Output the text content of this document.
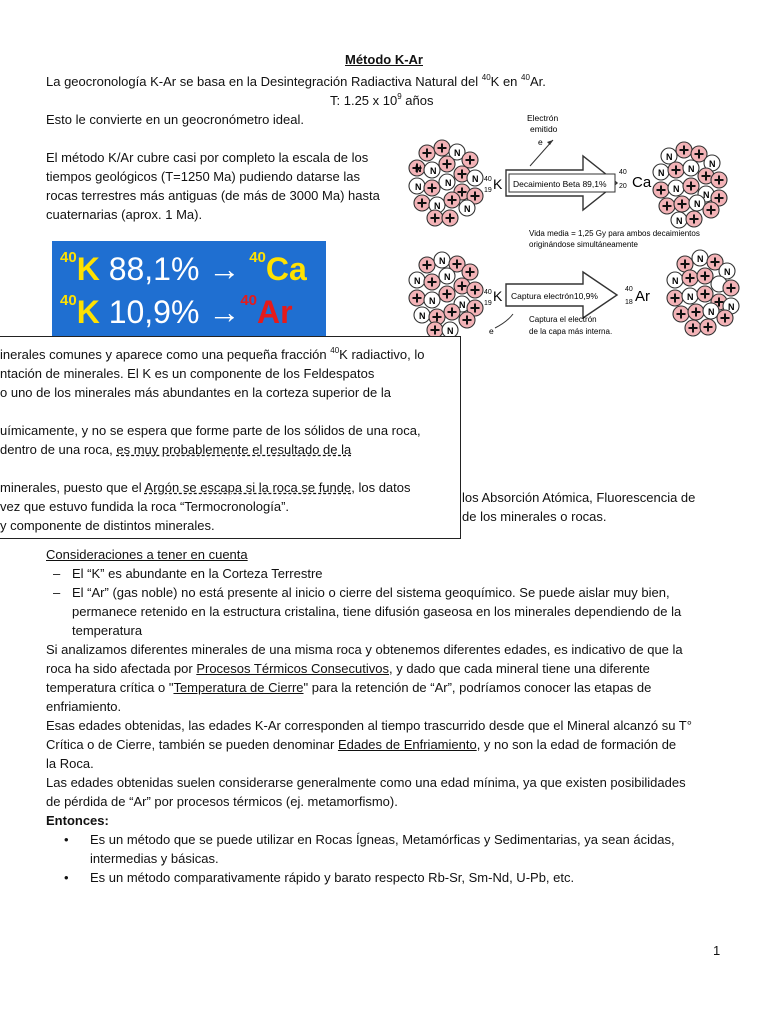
Método K-Ar
La geocronología K-Ar se basa en la Desintegración Radiactiva Natural del $^{40}$K en $^{40}$Ar.
T: 1.25 x $10^9$ años
Esto le convierte en un geocronómetro ideal.
El método K/Ar cubre casi por completo la escala de los
tiempos geológicos (T=1250 Ma) pudiendo datarse las
rocas terrestres más antiguas (de más de 3000 Ma) hasta
cuaternarias (aprox. 1 Ma).
$^{40}$K 88,1% → $^{40}$Ca
$^{40}$K 10,9% →$^{40}$Ar
los Absorción Atómica, Fluorescencia de
de los minerales o rocas.
N N
N
N
N
N
N
N
40
19 K Decaimiento Beta 89,1%
Electrón
emitido
e
40
20 Ca
N
N	N
N
N
N
N
N
Vida media = 1,25 Gy para ambos decaimientos
originándose simultáneamente
N
N	N
N	N
N
N
40
19 K Captura electrón10,9%
40
18 Ar
Captura el electrón
de la capa más interna.
e
N
N
N
N
N
N
inerales comunes y aparece como una pequeña fracción $^{40}$K radiactivo, lo
ntación de minerales. El K es un componente de los Feldespatos
o uno de los minerales más abundantes en la corteza superior de la
uímicamente, y no se espera que forme parte de los sólidos de una roca,
dentro de una roca, es muy probablemente el resultado de la
minerales, puesto que el Argón se escapa si la roca se funde, los datos
vez que estuvo fundida la roca “Termocronología”.
y componente de distintos minerales.
Consideraciones a tener en cuenta
– El “K” es abundante en la Corteza Terrestre
– El “Ar” (gas noble) no está presente al inicio o cierre del sistema geoquímico. Se puede aislar muy bien,
permanece retenido en la estructura cristalina, tiene difusión gaseosa en los minerales dependiendo de la
temperatura
Si analizamos diferentes minerales de una misma roca y obtenemos diferentes edades, es indicativo de que la
roca ha sido afectada por Procesos Térmicos Consecutivos, y dado que cada mineral tiene una diferente
temperatura crítica o "Temperatura de Cierre" para la retención de “Ar”, podríamos conocer las etapas de
enfriamiento.
Esas edades obtenidas, las edades K-Ar corresponden al tiempo trascurrido desde que el Mineral alcanzó su T°
Crítica o de Cierre, también se pueden denominar Edades de Enfriamiento, y no son la edad de formación de
la Roca.
Las edades obtenidas suelen considerarse generalmente como una edad mínima, ya que existen posibilidades
de pérdida de “Ar” por procesos térmicos (ej. metamorfismo).
Entonces:
• Es un método que se puede utilizar en Rocas Ígneas, Metamórficas y Sedimentarias, ya sean ácidas,
intermedias y básicas.
• Es un método comparativamente rápido y barato respecto Rb-Sr, Sm-Nd, U-Pb, etc.
1
